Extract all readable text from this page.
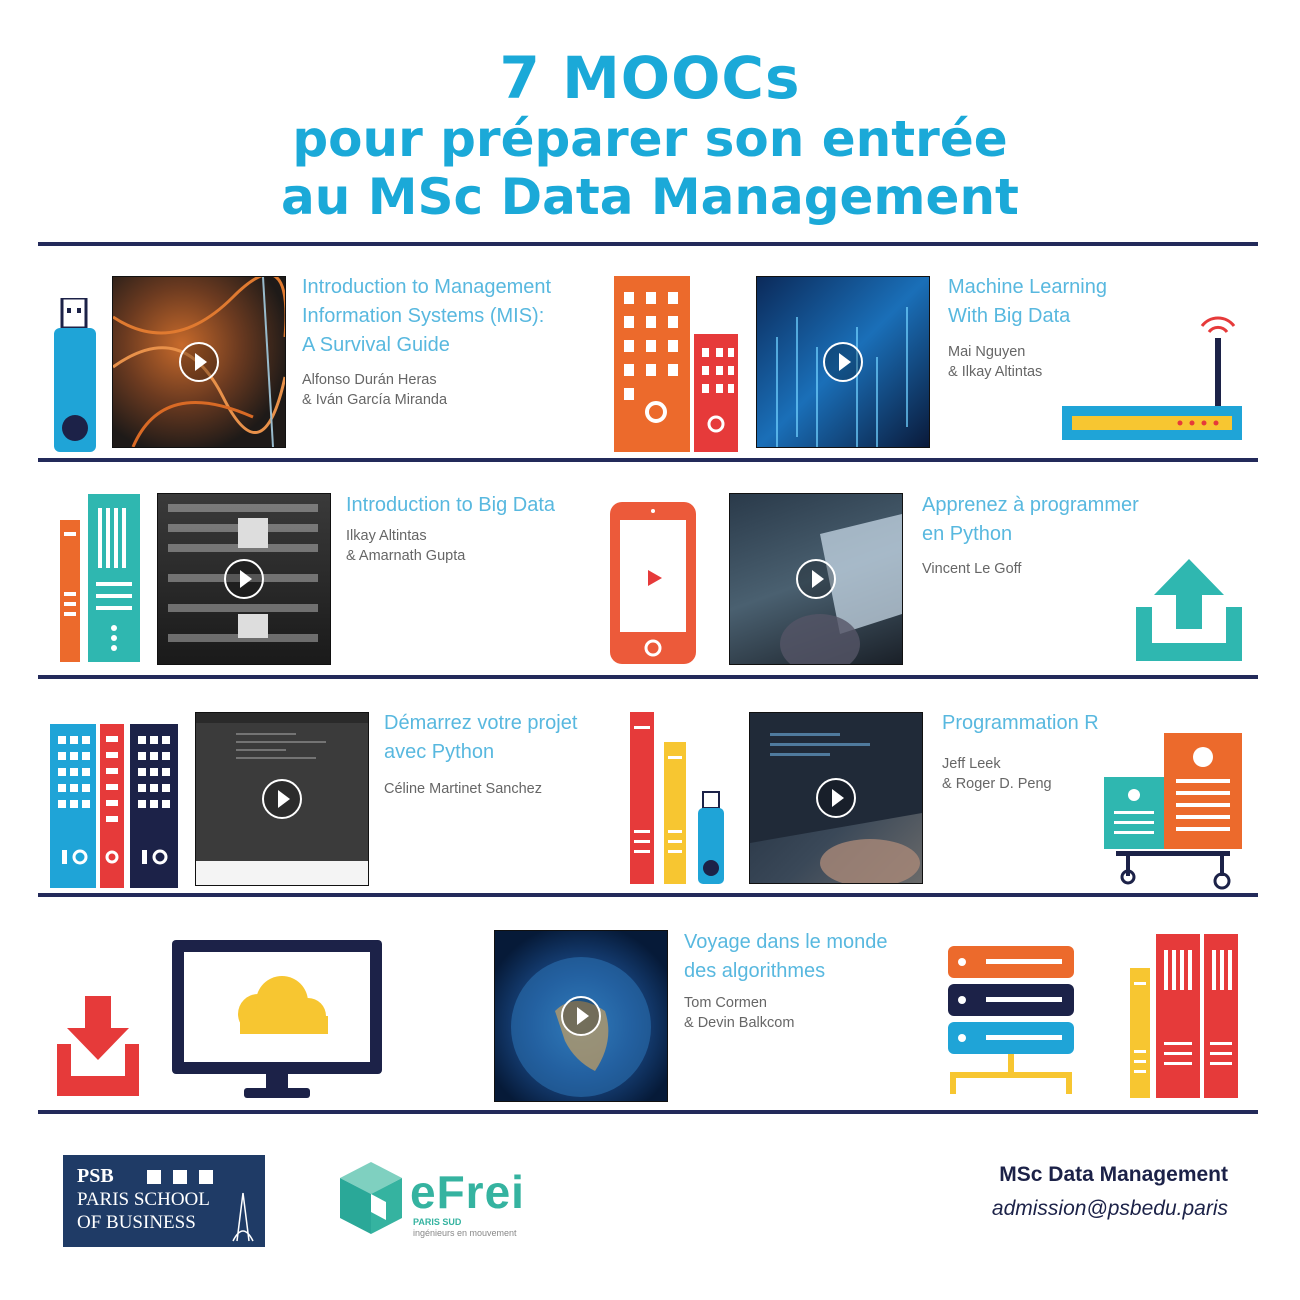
7 MOOCs
pour préparer son entrée
au MSc Data Management
Introduction to Management
Information Systems (MIS):
A Survival Guide
Alfonso Durán Heras
& Iván García Miranda
Machine Learning
With Big Data
Mai Nguyen
& Ilkay Altintas
Introduction to Big Data
Ilkay Altintas
& Amarnath Gupta
Apprenez à programmer
en Python
Vincent Le Goff
Démarrez votre projet
avec Python
Céline Martinet Sanchez
Programmation R
Jeff Leek
& Roger D. Peng
Voyage dans le monde
des algorithmes
Tom Cormen
& Devin Balkcom
PSB
PARIS SCHOOL
OF BUSINESS
eFrei
PARIS SUD
ingénieurs en mouvement
MSc Data Management
admission@psbedu.paris
